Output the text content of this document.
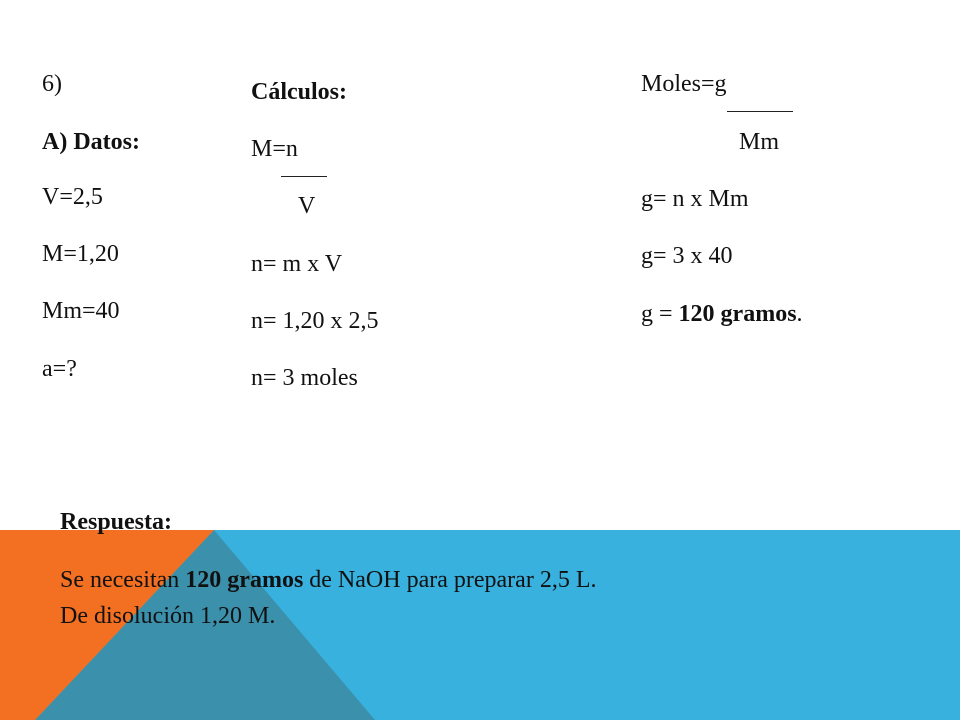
6)
A) Datos:
V=2,5
M=1,20
Mm=40
a=?
Cálculos:
M=n
V
n= m x V
n= 1,20 x 2,5
n= 3 moles
Moles=g
Mm
g= n x Mm
g= 3 x 40
g = 120 gramos.
Respuesta:
Se necesitan 120 gramos de NaOH para preparar 2,5 L.
De disolución 1,20 M.
